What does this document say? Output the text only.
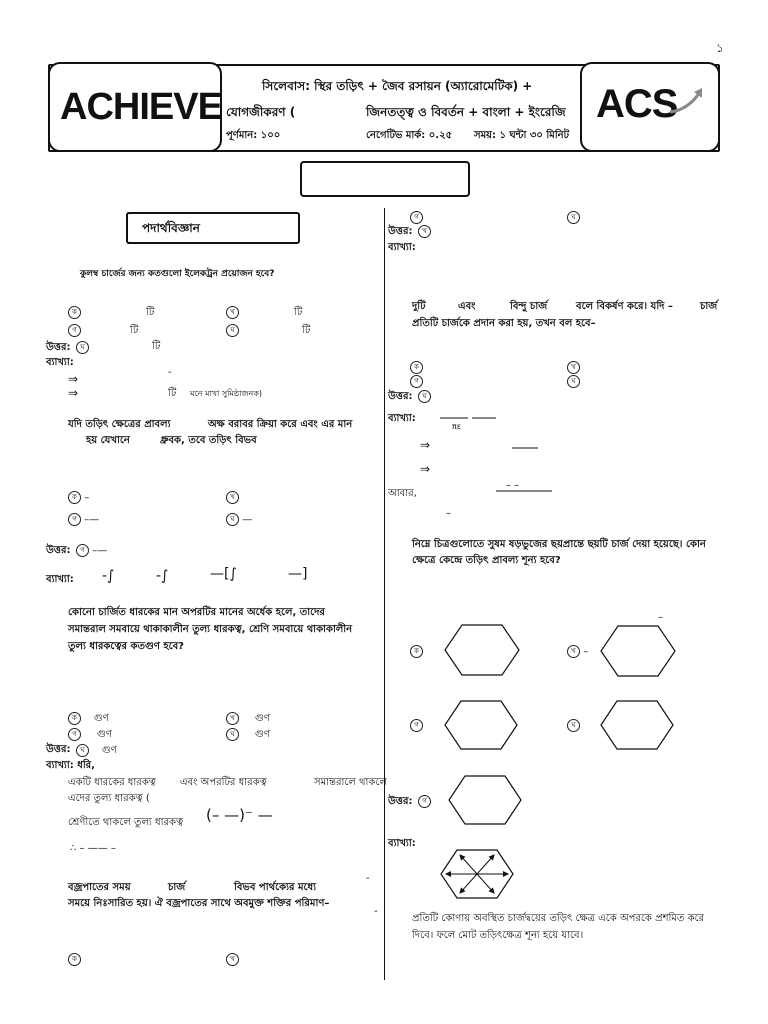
১
ACHIEVE	ACS
সিলেবাস: স্থির তড়িৎ + জৈব রসায়ন (অ্যারোমেটিক) +
যোগজীকরণ (	জিনতত্ত্ব ও বিবর্তন + বাংলা + ইংরেজি
পূর্ণমান: ১০০	নেগেটিভ মার্ক: ০.২৫ সময়: ১ ঘন্টা ৩০ মিনিট
পদার্থবিজ্ঞান
কুলম্ব চার্জের জন্য কতগুলো ইলেকট্রন প্রয়োজন হবে?
ক	টি	খ	টি
গ	টি	ঘ	টি
উত্তর:	ঘ	টি
ব্যাখ্যা:
-
⇒
⇒	টি মনে মাখা সুমিষ্ঠাজনক)
যদি তড়িৎ ক্ষেত্রের প্রাবল্য	অক্ষ বরাবর ক্রিয়া করে এবং এর মান
হয় যেখানে	ধ্রুবক, তবে তড়িৎ বিভব
ক –	খ
গ –—	ঘ —
উত্তর:	গ –—
ব্যাখ্যা: -∫	-∫	—[∫	—]
কোনো চার্জিত ধারকের মান অপরটির মানের অর্ধেক হলে, তাদের
সমান্তরাল সমবায়ে থাকাকালীন তুল্য ধারকত্ব, শ্রেণি সমবায়ে থাকাকালীন
তুল্য ধারকত্বের কতগুণ হবে?
ক গুণ	খ গুণ
গ গুণ	ঘ গুণ
উত্তর:	ঘ গুণ
ব্যাখ্যা: ধরি,
একটি ধারকের ধারকত্ব এবং অপরটির ধারকত্ব	সমান্তরালে থাকলে
এদের তুল্য ধারকত্ব (
শ্রেণীতে থাকলে তুল্য ধারকত্ব (– —)⁻ —
∴ – —— –
বজ্রপাতের সময়	চার্জ	বিভব পার্থক্যের মধ্যে
-
সময়ে নিঃসারিত হয়। ঐ বজ্রপাতের সাথে অবমুক্ত শক্তির পরিমাণ–
-
ক	খ
গ	ঘ
উত্তর:	খ
ব্যাখ্যা:
দুটি	এবং	বিন্দু চার্জ	বলে বিকর্ষণ করে। যদি –	চার্জ
প্রতিটি চার্জকে প্রদান করা হয়, তখন বল হবে–
ক	খ
গ	ঘ
উত্তর:	ঘ
ব্যাখ্যা:
πε
⇒
⇒
আবার,
– –
–
নিম্নে চিত্রগুলোতে সুষম ষড়ভুজের ছয়প্রান্তে ছয়টি চার্জ দেয়া হয়েছে। কোন
ক্ষেত্রে কেন্দ্রে তড়িৎ প্রাবল্য শূন্য হবে?
–
ক	খ –
গ	ঘ
উত্তর:	গ
ব্যাখ্যা:
প্রতিটি কোণায় অবস্থিত চার্জদ্বয়ের তড়িৎ ক্ষেত্র একে অপরকে প্রশমিত করে
দিবে। ফলে মোট তড়িৎক্ষেত্র শূন্য হয়ে যাবে।
